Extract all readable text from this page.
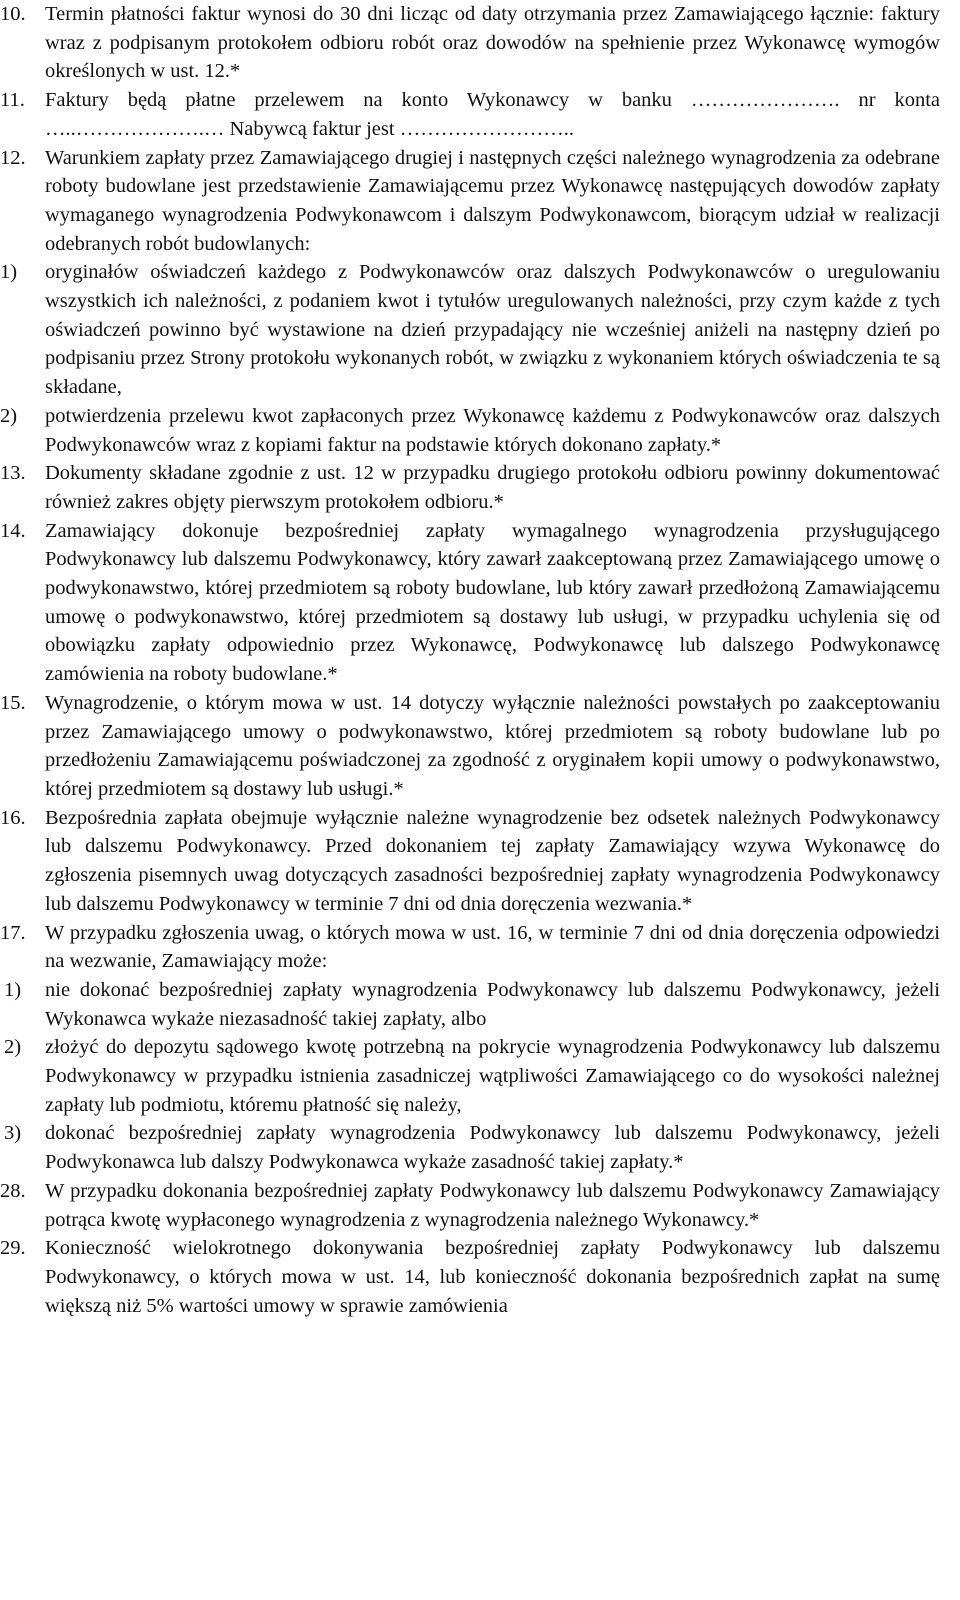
10. Termin płatności faktur wynosi do 30 dni licząc od daty otrzymania przez Zamawiającego łącznie: faktury wraz z podpisanym protokołem odbioru robót oraz dowodów na spełnienie przez Wykonawcę wymogów określonych w ust. 12.*
11. Faktury będą płatne przelewem na konto Wykonawcy w banku …………………. nr konta …..……………….… Nabywcą faktur jest ……………………..
12. Warunkiem zapłaty przez Zamawiającego drugiej i następnych części należnego wynagrodzenia za odebrane roboty budowlane jest przedstawienie Zamawiającemu przez Wykonawcę następujących dowodów zapłaty wymaganego wynagrodzenia Podwykonawcom i dalszym Podwykonawcom, biorącym udział w realizacji odebranych robót budowlanych:
1)	oryginałów oświadczeń każdego z Podwykonawców oraz dalszych Podwykonawców o uregulowaniu wszystkich ich należności, z podaniem kwot i tytułów uregulowanych należności, przy czym każde z tych oświadczeń powinno być wystawione na dzień przypadający nie wcześniej aniżeli na następny dzień po podpisaniu przez Strony protokołu wykonanych robót, w związku z wykonaniem których oświadczenia te są składane,
2)	potwierdzenia przelewu kwot zapłaconych przez Wykonawcę każdemu z Podwykonawców oraz dalszych Podwykonawców wraz z kopiami faktur na podstawie których dokonano zapłaty.*
13. Dokumenty składane zgodnie z ust. 12 w przypadku drugiego protokołu odbioru powinny dokumentować również zakres objęty pierwszym protokołem odbioru.*
14. Zamawiający dokonuje bezpośredniej zapłaty wymagalnego wynagrodzenia przysługującego Podwykonawcy lub dalszemu Podwykonawcy, który zawarł zaakceptowaną przez Zamawiającego umowę o podwykonawstwo, której przedmiotem są roboty budowlane, lub który zawarł przedłożoną Zamawiającemu umowę o podwykonawstwo, której przedmiotem są dostawy lub usługi, w przypadku uchylenia się od obowiązku zapłaty odpowiednio przez Wykonawcę, Podwykonawcę lub dalszego Podwykonawcę zamówienia na roboty budowlane.*
15. Wynagrodzenie, o którym mowa w ust. 14 dotyczy wyłącznie należności powstałych po zaakceptowaniu przez Zamawiającego umowy o podwykonawstwo, której przedmiotem są roboty budowlane lub po przedłożeniu Zamawiającemu poświadczonej za zgodność z oryginałem kopii umowy o podwykonawstwo, której przedmiotem są dostawy lub usługi.*
16. Bezpośrednia zapłata obejmuje wyłącznie należne wynagrodzenie bez odsetek należnych Podwykonawcy lub dalszemu Podwykonawcy. Przed dokonaniem tej zapłaty Zamawiający wzywa Wykonawcę do zgłoszenia pisemnych uwag dotyczących zasadności bezpośredniej zapłaty wynagrodzenia Podwykonawcy lub dalszemu Podwykonawcy w terminie 7 dni od dnia doręczenia wezwania.*
17. W przypadku zgłoszenia uwag, o których mowa w ust. 16, w terminie 7 dni od dnia doręczenia odpowiedzi na wezwanie, Zamawiający może:
1)	nie dokonać bezpośredniej zapłaty wynagrodzenia Podwykonawcy lub dalszemu Podwykonawcy, jeżeli Wykonawca wykaże niezasadność takiej zapłaty, albo
2)	złożyć do depozytu sądowego kwotę potrzebną na pokrycie wynagrodzenia Podwykonawcy lub dalszemu Podwykonawcy w przypadku istnienia zasadniczej wątpliwości Zamawiającego co do wysokości należnej zapłaty lub podmiotu, któremu płatność się należy,
3)	dokonać bezpośredniej zapłaty wynagrodzenia Podwykonawcy lub dalszemu Podwykonawcy, jeżeli Podwykonawca lub dalszy Podwykonawca wykaże zasadność takiej zapłaty.*
28. W przypadku dokonania bezpośredniej zapłaty Podwykonawcy lub dalszemu Podwykonawcy Zamawiający potrąca kwotę wypłaconego wynagrodzenia z wynagrodzenia należnego Wykonawcy.*
29. Konieczność wielokrotnego dokonywania bezpośredniej zapłaty Podwykonawcy lub dalszemu Podwykonawcy, o których mowa w ust. 14, lub konieczność dokonania bezpośrednich zapłat na sumę większą niż 5% wartości umowy w sprawie zamówienia
